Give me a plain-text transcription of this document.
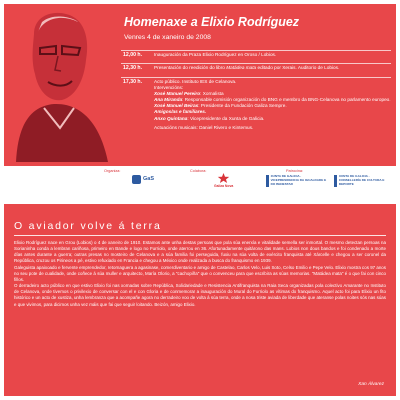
Homenaxe a Elixio Rodríguez
Venres 4 de xaneiro de 2008
12,00 h.	Inauguración da Praza Elixio Rodríguez en Oroso / Lobios.
12,30 h.	Presentación do reedición do libro Matádea mata editado por Xerais. Auditorio de Lobios.
17,30 h.	Acto público. Instituto IES de Celanova.
Intervencións:
Xosé Manuel Pereiro: Xornalista
Ana Miranda: Responsable comisión organización do BNG e membro da BNG-Celanova no parlamento europeo.
Xosé Manuel Beiras: Presidente da Fundación Galiza Sempre.
Amigos/as e familiares.
Anxo Quintana: Vicepresidente da Xunta de Galicia.
Actuacións musicais: Daniel Rivero e Kintemus.
Organiza:	Colabora:	Patrocina:
GaS
Galiza Nova
XUNTA DE GALICIA · VICEPRESIDENCIA DA IGUALDADE E DO BENESTAR
XUNTA DE GALICIA · CONSELLERÍA DE CULTURA E DEPORTE
O aviador volve á terra

Elixio Rodríguez nace en Grou (Lobios) o 4 de xaneiro de 1910. Estamos ante unha destas persoas que pola súa enerxía e vitalidade semella ser inmortal. O mesmo detectan persoas na Sorianinha conda a lembran cariñosa, primeiro en Bande e logo no Furriolo, onde aterrou en 36. Afortunadamente quitárono das mans. Lobios non dous bandos e foi condenado a morte días antes durante a guerra; outras presas no mosteiro de Celanova e a súa familia foi perseguida, fuxiu na súa volta de exército franquista até Xárcelle e chegou a ser coronel da República, cruzou os Pirineos a pé, estivo refuxiado en Francia e chegou a México onde realizada a busca do franquismo en 1939.

Galeguista apaixoado e fervente emprendedor, retornaguera a agasinase, comerdiventario e amigo de Castelao, Carlos Velo, Luis Soto, Celso Emilio e Pepe Velo. Elixio mostra cos 97 anos no seu pote de cualidade, onde coñece á súa muller e arquitecto, María Olorio, a "cachopiña" que o convenceu para que escribira as súas memorias. "Matádea mata" é o que fai con cinco fillos.

O derradeiro acto público en que estivo Elixio foi nas xornadas sobre República, Solidariedade e Resistencia Antifranquista na Raia Seca organizadas pola colectivo Amarante no Instituto de Celanova, onde tivemos o privilexio de conversar con el e con Gloria e de conmemorar a inauguración do Mural do Furriolo as vítimas do franquismo. Aquel acto foi para Elixio un fito histórico e un acto de xustiza, unha lembranza que a acompañe agora no derradeiro voo de volta á súa terra, onde a nosa triste aviada de liberdade que ateranse polas noites sós nas súas e que vivimos, para dicimos unha vez máis que fai que seguir loitando. Beizón, amigo Elixio.

Xan Álvarez
